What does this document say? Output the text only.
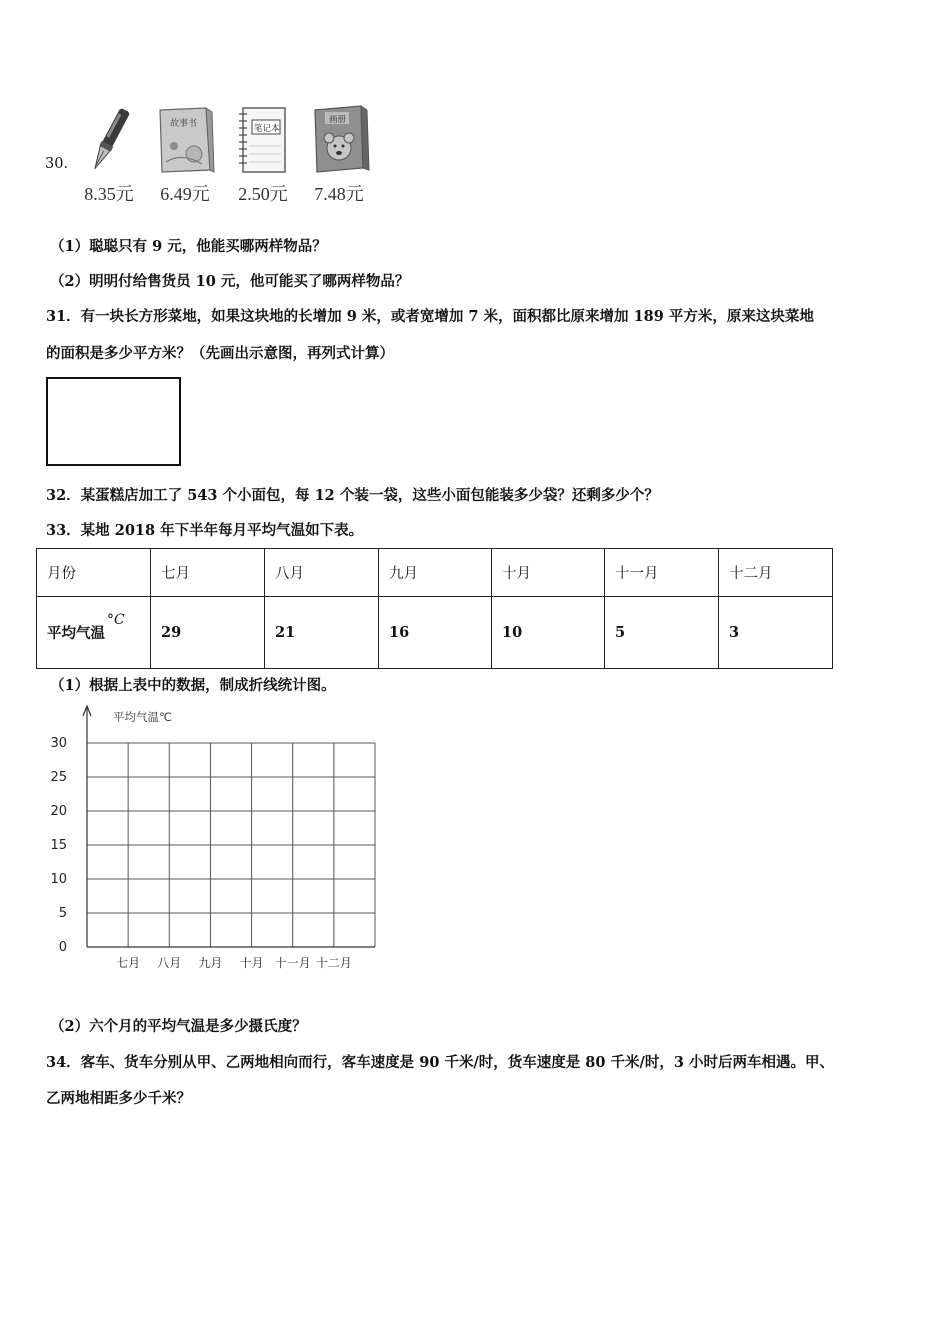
30．
8.35元
故事书
6.49元
笔记本
2.50元
画册
7.48元
（1）聪聪只有 9 元，他能买哪两样物品？
（2）明明付给售货员 10 元，他可能买了哪两样物品？
31．有一块长方形菜地，如果这块地的长增加 9 米，或者宽增加 7 米，面积都比原来增加 189 平方米，原来这块菜地
的面积是多少平方米？（先画出示意图，再列式计算）
32．某蛋糕店加工了 543 个小面包，每 12 个装一袋，这些小面包能装多少袋？还剩多少个？
33．某地 2018 年下半年每月平均气温如下表。
月份	七月	八月	九月	十月	十一月	十二月
平均气温°C	29	21	16	10	5	3
（1）根据上表中的数据，制成折线统计图。
0
5
10
15
20
25
30
平均气温℃
七月 八月 九月 十月 十一月 十二月
（2）六个月的平均气温是多少摄氏度？
34．客车、货车分别从甲、乙两地相向而行，客车速度是 90 千米/时，货车速度是 80 千米/时，3 小时后两车相遇。甲、
乙两地相距多少千米？
